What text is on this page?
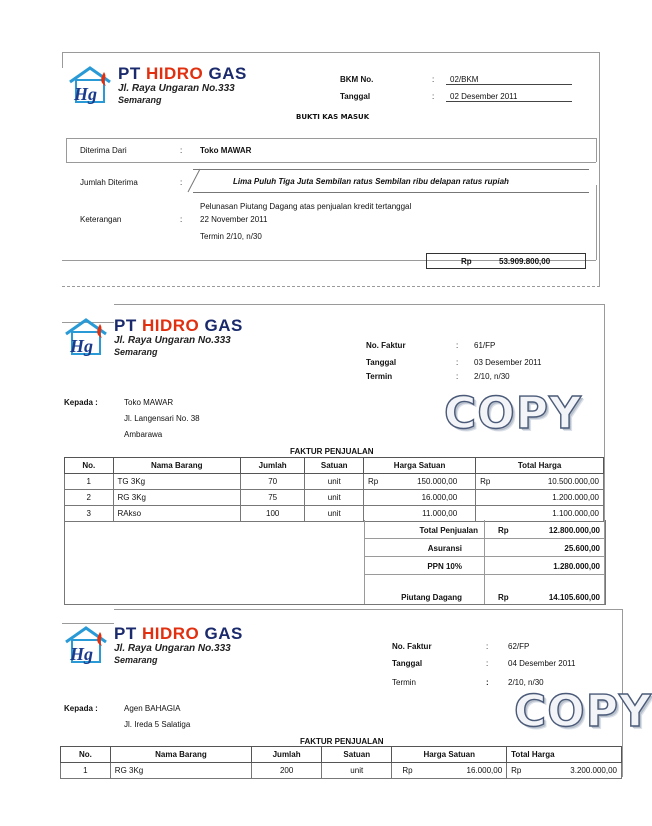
Hg
PT HIDRO GAS
Jl. Raya Ungaran No.333
Semarang
BKM No.	:	02/BKM
Tanggal	:	02 Desember 2011
BUKTI KAS MASUK
Diterima Dari	: Toko MAWAR
Jumlah Diterima	:	Lima Puluh Tiga Juta Sembilan ratus Sembilan ribu delapan ratus rupiah
Pelunasan Piutang Dagang atas penjualan kredit tertanggal
Keterangan	: 22 November 2011
Termin 2/10, n/30
Rp	53.909.800,00
Hg
PT HIDRO GAS
Jl. Raya Ungaran No.333
Semarang
No. Faktur	: 61/FP
Tanggal	: 03 Desember 2011
Termin	: 2/10, n/30
Kepada :	Toko MAWAR
Jl. Langensari No. 38
Ambarawa	COPY
FAKTUR PENJUALAN
No.	Nama Barang	Jumlah	Satuan	Harga Satuan	Total Harga
1	TG 3Kg	70	unit	Rp 150.000,00	Rp 10.500.000,00

2	RG 3Kg	75	unit	16.000,00	1.200.000,00

3	RAkso	100	unit	11.000,00	1.100.000,00
Total Penjualan	Rp	12.800.000,00
Asuransi	25.600,00
PPN 10%	1.280.000,00
Piutang Dagang	Rp	14.105.600,00
Hg
PT HIDRO GAS
Jl. Raya Ungaran No.333
Semarang
No. Faktur	: 62/FP
Tanggal	: 04 Desember 2011
Termin	: 2/10, n/30
Kepada :	Agen BAHAGIA
Jl. Ireda 5 Salatiga	COPY
FAKTUR PENJUALAN
No.	Nama Barang	Jumlah	Satuan	Harga Satuan	Total Harga
1	RG 3Kg	200	unit	Rp 16.000,00	Rp 3.200.000,00
